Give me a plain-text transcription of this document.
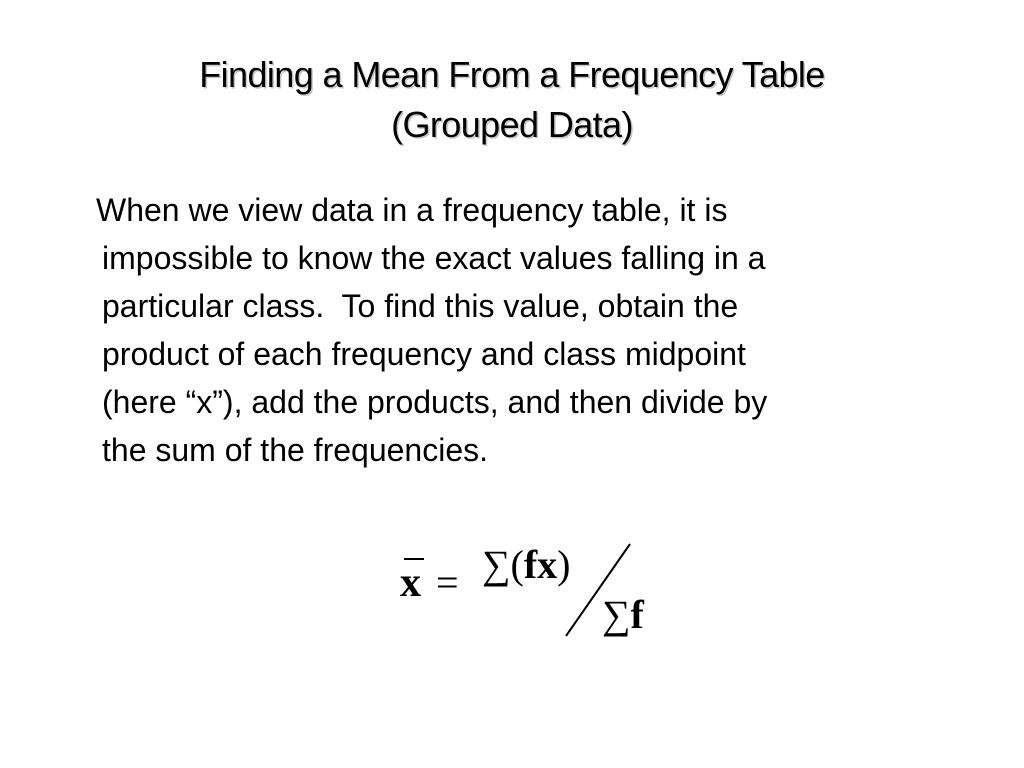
Finding a Mean From a Frequency Table
(Grouped Data)
When we view data in a frequency table, it is
impossible to know the exact values falling in a
particular class.  To find this value, obtain the
product of each frequency and class midpoint
(here “x”), add the products, and then divide by
the sum of the frequencies.
x = ∑(fx)
∑f
